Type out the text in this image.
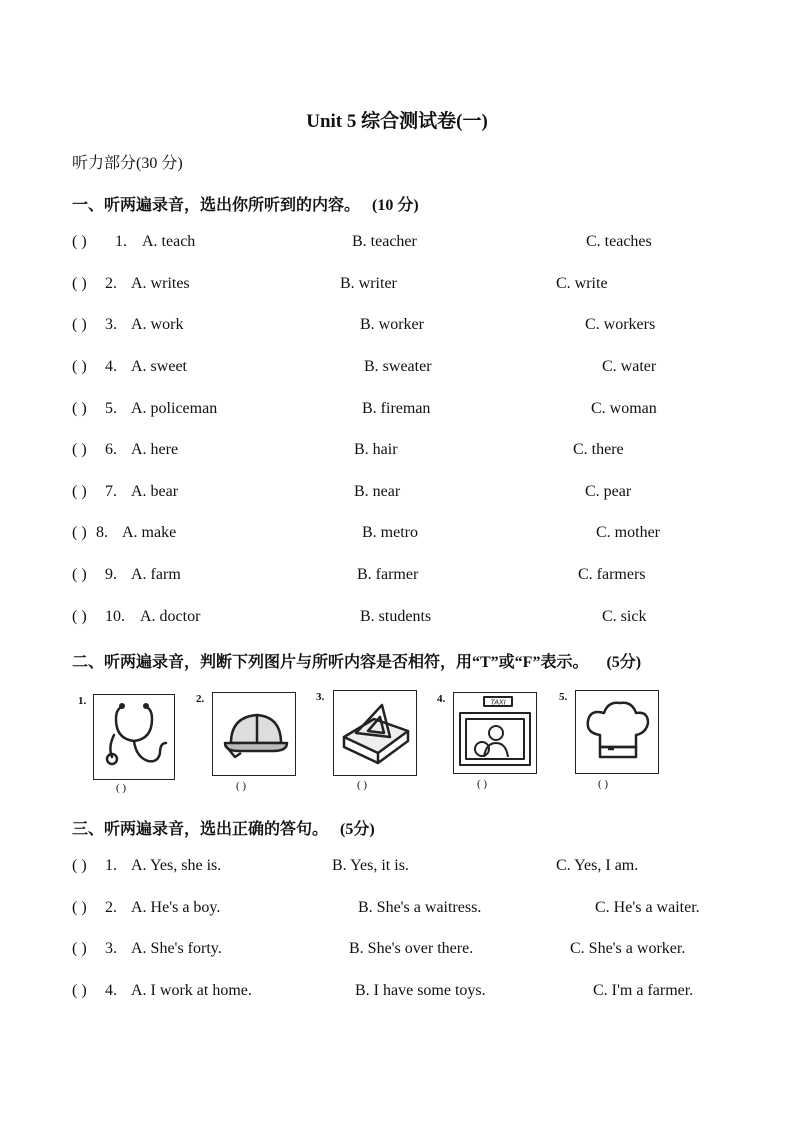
Unit 5 综合测试卷(一)
听力部分(30 分)
一、听两遍录音，选出你所听到的内容。 (10 分)
( ) 1. A. teach	B. teacher	C. teaches
( ) 2. A. writes	B. writer	C. write
( ) 3. A. work	B. worker	C. workers
( ) 4. A. sweet	B. sweater	C. water
( ) 5. A. policeman	B. fireman	C. woman
( ) 6. A. here	B. hair	C. there
( ) 7. A. bear	B. near	C. pear
( ) 8. A. make	B. metro	C. mother
( ) 9. A. farm	B. farmer	C. farmers
( ) 10. A. doctor	B. students	C. sick
二、听两遍录音，判断下列图片与所听内容是否相符，用“T”或“F”表示。 (5分)
1.
( )
2.
( )
3.
( )
4.	TAXI
( )
5.
( )
三、听两遍录音，选出正确的答句。 (5分)
( ) 1. A. Yes, she is.	B. Yes, it is.	C. Yes, I am.
( ) 2. A. He's a boy.	B. She's a waitress.	C. He's a waiter.
( ) 3. A. She's forty.	B. She's over there.	C. She's a worker.
( ) 4. A. I work at home.	B. I have some toys.	C. I'm a farmer.
